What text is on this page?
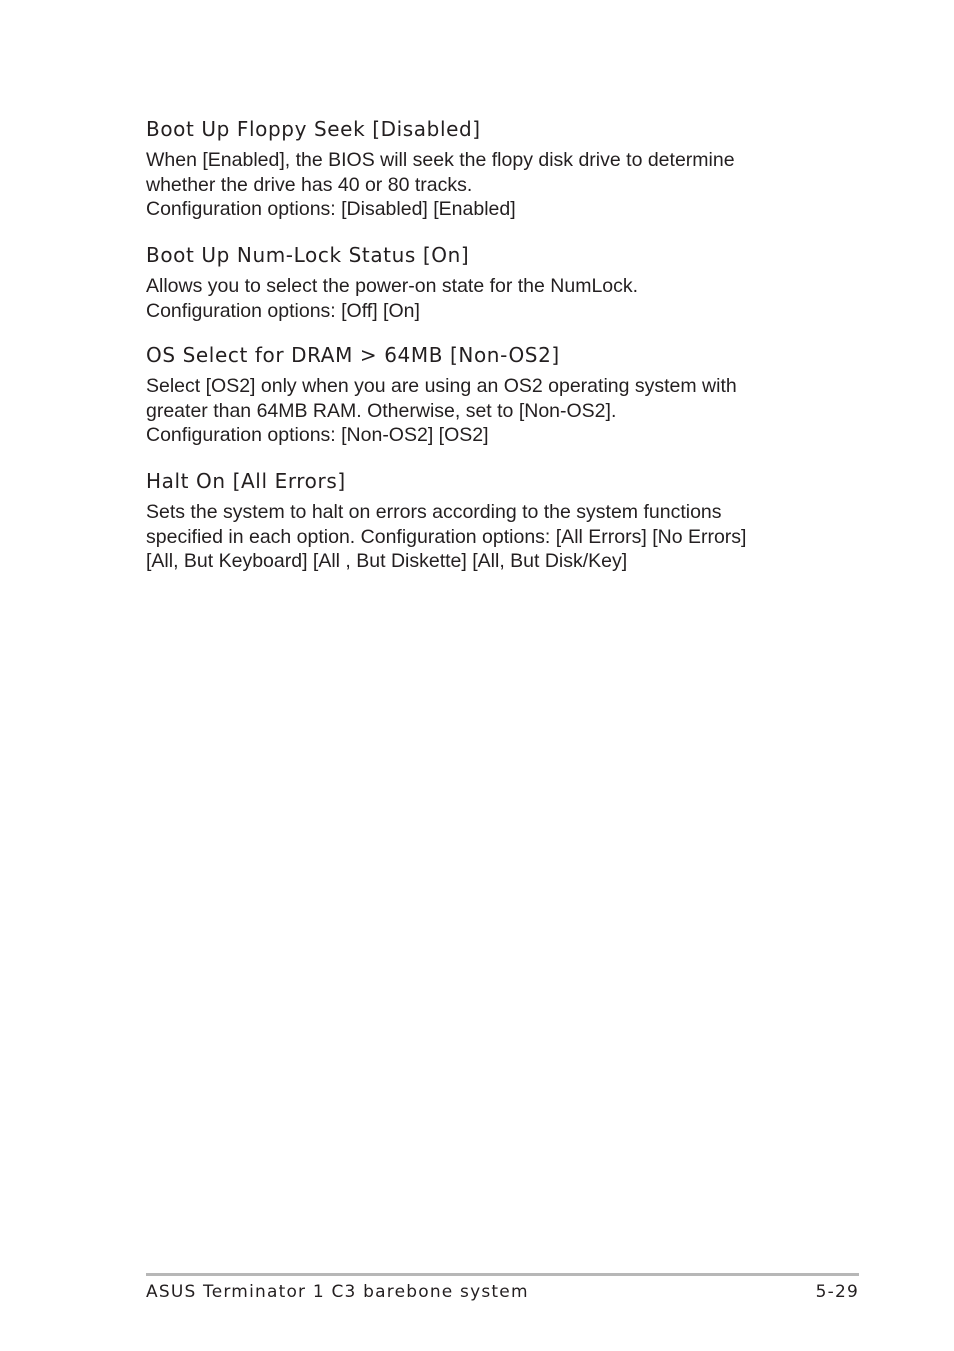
Boot Up Floppy Seek [Disabled]

When [Enabled], the BIOS will seek the flopy disk drive to determine
whether the drive has 40 or 80 tracks.
Configuration options: [Disabled] [Enabled]

Boot Up Num-Lock Status [On]

Allows you to select the power-on state for the NumLock.
Configuration options: [Off] [On]

OS Select for DRAM > 64MB [Non-OS2]

Select [OS2] only when you are using an OS2 operating system with
greater than 64MB RAM. Otherwise, set to [Non-OS2].
Configuration options: [Non-OS2] [OS2]

Halt On [All Errors]

Sets the system to halt on errors according to the system functions
specified in each option. Configuration options: [All Errors] [No Errors]
[All, But Keyboard] [All , But Diskette] [All, But Disk/Key]

ASUS Terminator 1 C3 barebone system	5-29
